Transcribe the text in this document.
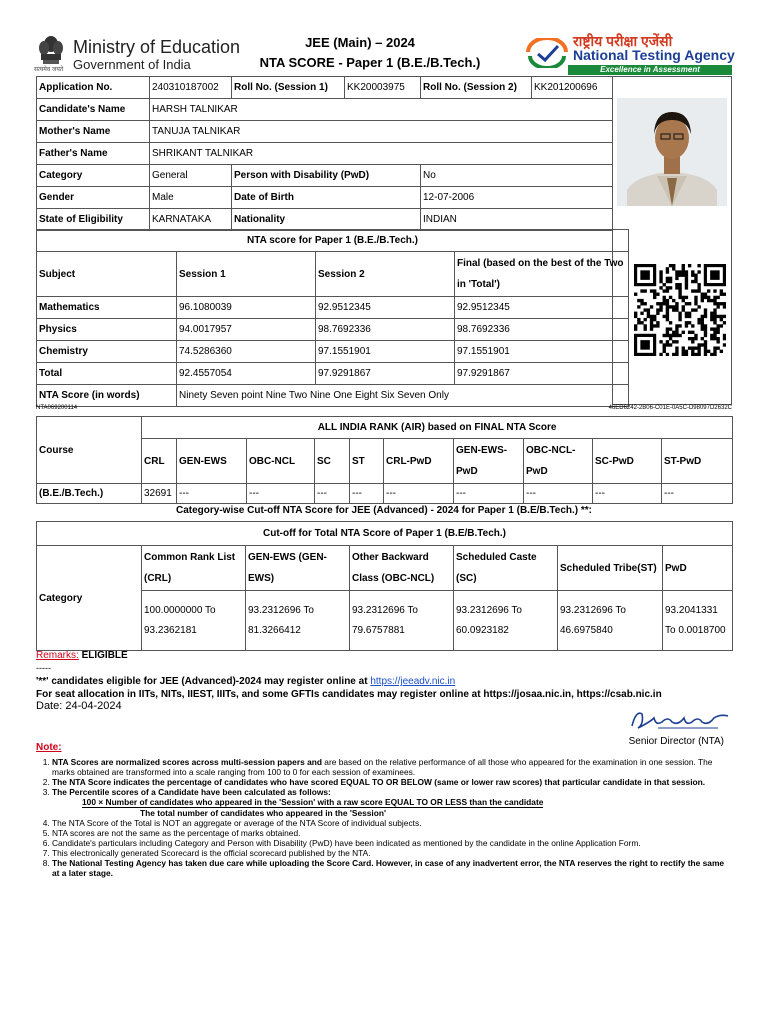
सत्यमेव जयते
Ministry of Education
Government of India
JEE (Main) – 2024
NTA SCORE - Paper 1 (B.E./B.Tech.)
राष्ट्रीय परीक्षा एजेंसी
National Testing Agency
Excellence in Assessment
Application No.	240310187002	Roll No. (Session 1)	KK20003975	Roll No. (Session 2)	KK201200696
Candidate's Name	HARSH TALNIKAR				
Mother's Name	TANUJA TALNIKAR				
Father's Name	SHRIKANT TALNIKAR				
Category	General	Person with Disability (PwD)		No	
Gender	Male	Date of Birth		12-07-2006	
State of Eligibility	KARNATAKA	Nationality		INDIAN	
NTA score for Paper 1 (B.E./B.Tech.)			
Subject	Session 1	Session 2	Final (based on the best of the Two in 'Total')
Mathematics	96.1080039	92.9512345	92.9512345
Physics	94.0017957	98.7692336	98.7692336
Chemistry	74.5286360	97.1551901	97.1551901
Total	92.4557054	97.9291867	97.9291867
NTA Score (in words)	Ninety Seven point Nine Two Nine One Eight Six Seven Only		
NTA069200114	46ED6242-2B06-C01E-0A5C-D98097D2632C
Course	ALL INDIA RANK (AIR) based on FINAL NTA Score									
	CRL	GEN-EWS	OBC-NCL	SC	ST	CRL-PwD	GEN-EWS-PwD	OBC-NCL-PwD	SC-PwD	ST-PwD
(B.E./B.Tech.)	32691	---	---	---	---	---	---	---	---	---
Category-wise Cut-off NTA Score for JEE (Advanced) - 2024 for Paper 1 (B.E/B.Tech.) **:
Cut-off for Total NTA Score of Paper 1 (B.E/B.Tech.)						
Category	Common Rank List (CRL)	GEN-EWS (GEN-EWS)	Other Backward Class (OBC-NCL)	Scheduled Caste (SC)	Scheduled Tribe(ST)	PwD
	100.0000000 To 93.2362181	93.2312696 To 81.3266412	93.2312696 To 79.6757881	93.2312696 To 60.0923182	93.2312696 To 46.6975840	93.2041331 To 0.0018700
Remarks: ELIGIBLE
-----
'**' candidates eligible for JEE (Advanced)-2024 may register online at https://jeeadv.nic.in
For seat allocation in IITs, NITs, IIEST, IIITs, and some GFTIs candidates may register online at https://josaa.nic.in, https://csab.nic.in
Date: 24-04-2024
Senior Director (NTA)
Note:
1. NTA Scores are normalized scores across multi-session papers and are based on the relative performance of all those who appeared for the examination in one session. The marks obtained are transformed into a scale ranging from 100 to 0 for each session of examinees.
2. The NTA Score indicates the percentage of candidates who have scored EQUAL TO OR BELOW (same or lower raw scores) that particular candidate in that session.
3. The Percentile scores of a Candidate have been calculated as follows:
100 × Number of candidates who appeared in the 'Session' with a raw score EQUAL TO OR LESS than the candidate
The total number of candidates who appeared in the 'Session'
4. The NTA Score of the Total is NOT an aggregate or average of the NTA Score of individual subjects.
5. NTA scores are not the same as the percentage of marks obtained.
6. Candidate's particulars including Category and Person with Disability (PwD) have been indicated as mentioned by the candidate in the online Application Form.
7. This electronically generated Scorecard is the official scorecard published by the NTA.
8. The National Testing Agency has taken due care while uploading the Score Card. However, in case of any inadvertent error, the NTA reserves the right to rectify the same at a later stage.
